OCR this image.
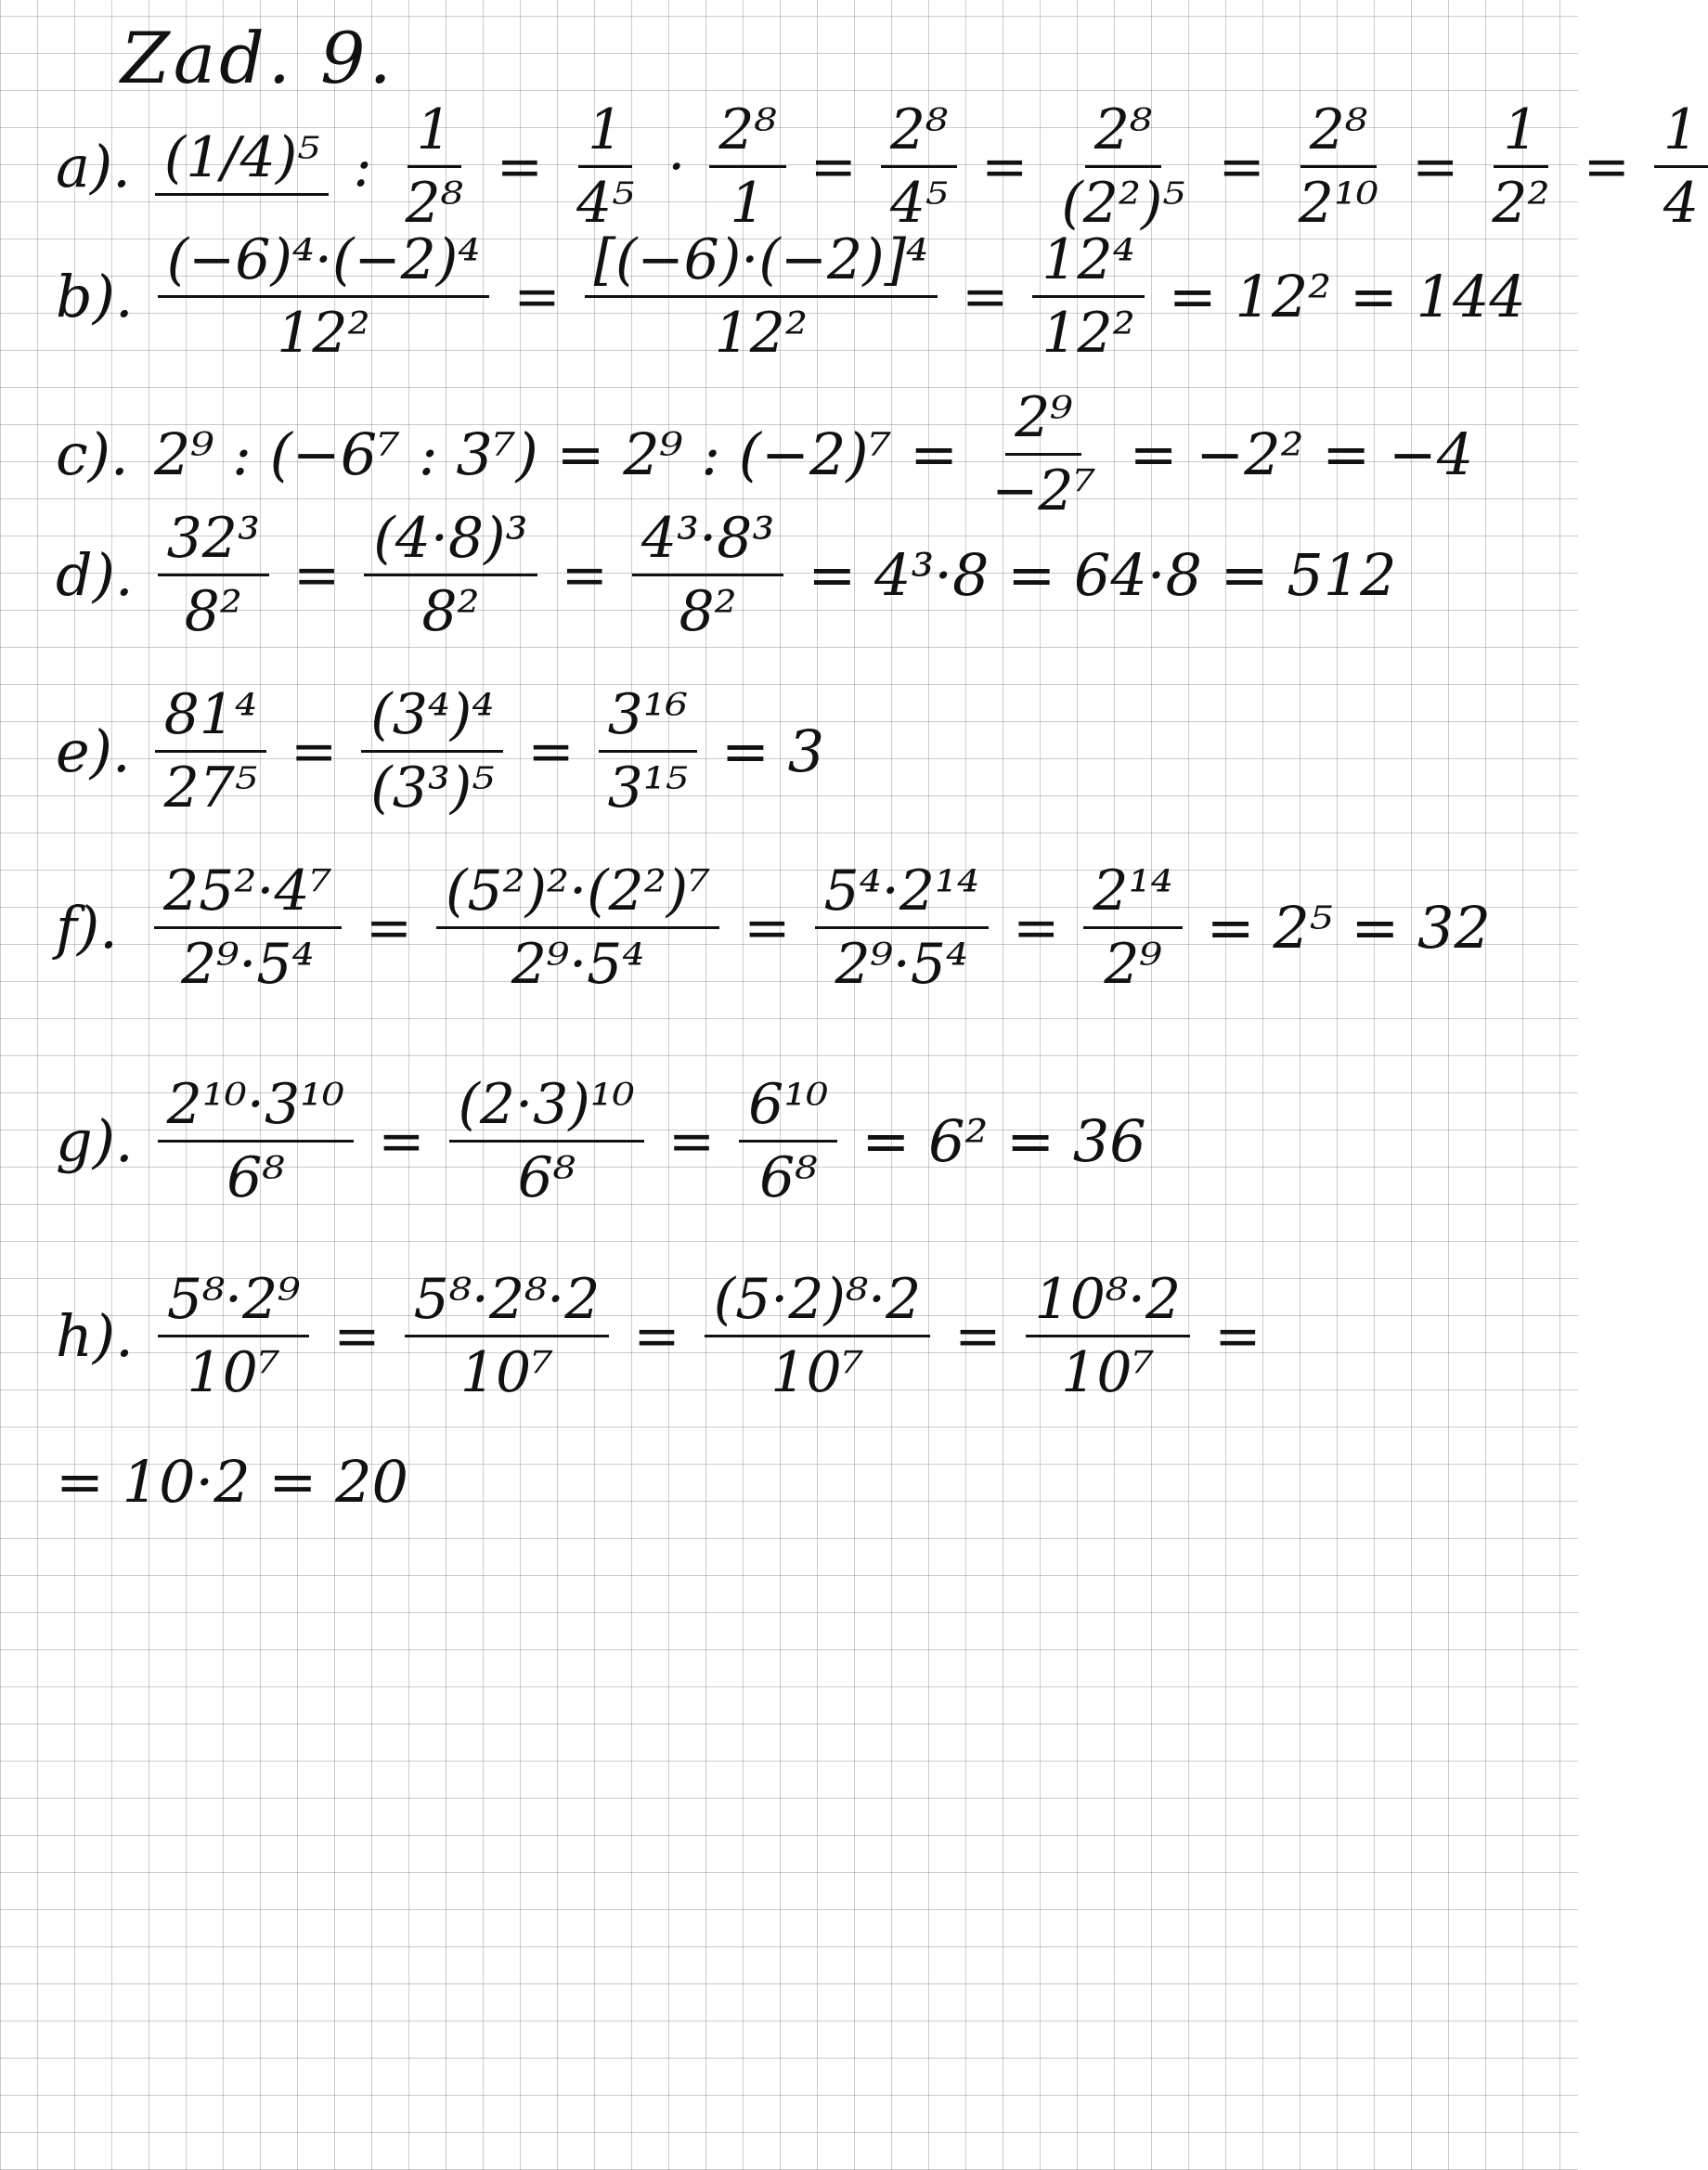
Zad. 9.
a). (1/4)⁵ : $\frac{1}{\text{2⁸}} = \frac{1}{\text{4⁵}} \cdot \frac{\text{2⁸}}{1} = \frac{\text{2⁸}}{\text{4⁵}} = \frac{\text{2⁸}}{\text{(2²)⁵}} = \frac{\text{2⁸}}{\text{2¹⁰}} = \frac{1}{\text{2²}} = \frac{1}{4}$
b). $\frac{\text{(−6)⁴·(−2)⁴}}{\text{12²}} = \frac{\text{[(−6)·(−2)]⁴}}{\text{12²}} = \frac{\text{12⁴}}{\text{12²}} = 12^2 = 144$
c). 2⁹ : (−6⁷ : 3⁷) = 2⁹ : $(-2)^7 = \frac{\text{2⁹}}{\text{−2⁷}} = -2^2 = -4$
d). $\frac{\text{32³}}{\text{8²}} = \frac{\text{(4·8)³}}{\text{8²}} = \frac{\text{4³·8³}}{\text{8²}} = 4^3\cdot 8 = 64\cdot 8 = 512$
e). $\frac{\text{81⁴}}{\text{27⁵}} = \frac{\text{(3⁴)⁴}}{\text{(3³)⁵}} = \frac{\text{3¹⁶}}{\text{3¹⁵}} = 3$
f). $\frac{\text{25²·4⁷}}{\text{2⁹·5⁴}} = \frac{\text{(5²)²·(2²)⁷}}{\text{2⁹·5⁴}} = \frac{\text{5⁴·2¹⁴}}{\text{2⁹·5⁴}} = \frac{\text{2¹⁴}}{\text{2⁹}} = 2^5 = 32$
g). $\frac{\text{2¹⁰·3¹⁰}}{\text{6⁸}} = \frac{\text{(2·3)¹⁰}}{\text{6⁸}} = \frac{\text{6¹⁰}}{\text{6⁸}} = 6^2 = 36$
h). $\frac{\text{5⁸·2⁹}}{\text{10⁷}} = \frac{\text{5⁸·2⁸·2}}{\text{10⁷}} = \frac{\text{(5·2)⁸·2}}{\text{10⁷}} = \frac{\text{10⁸·2}}{\text{10⁷}}$ =
= 10·2 = 20
